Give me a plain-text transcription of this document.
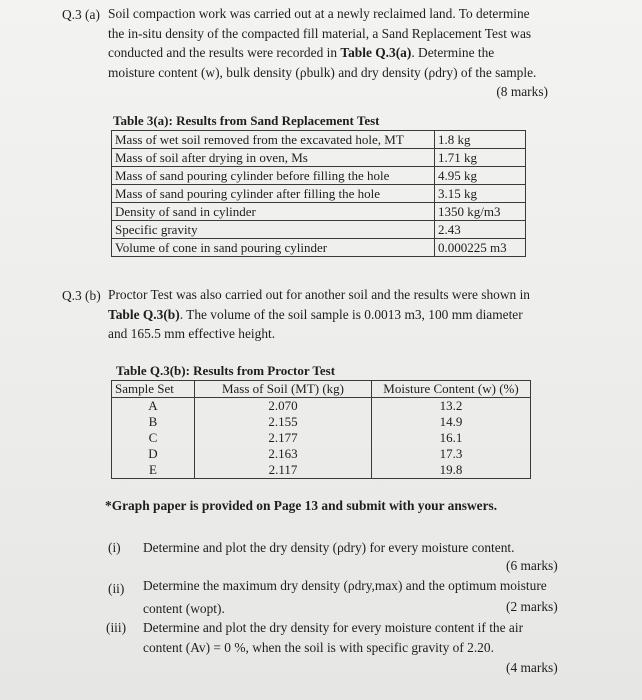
Q.3 (a) Soil compaction work was carried out at a newly reclaimed land. To determine
the in-situ density of the compacted fill material, a Sand Replacement Test was
conducted and the results were recorded in Table Q.3(a). Determine the
moisture content (w), bulk density (ρbulk) and dry density (ρdry) of the sample.
(8 marks)
Table 3(a): Results from Sand Replacement Test
Mass of wet soil removed from the excavated hole, MT	1.8 kg
Mass of soil after drying in oven, Ms	1.71 kg
Mass of sand pouring cylinder before filling the hole	4.95 kg
Mass of sand pouring cylinder after filling the hole	3.15 kg
Density of sand in cylinder	1350 kg/m3
Specific gravity	2.43
Volume of cone in sand pouring cylinder	0.000225 m3
Q.3 (b) Proctor Test was also carried out for another soil and the results were shown in
Table Q.3(b). The volume of the soil sample is 0.0013 m3, 100 mm diameter
and 165.5 mm effective height.
Table Q.3(b): Results from Proctor Test
Sample Set	Mass of Soil (MT) (kg)	Moisture Content (w) (%)
A	2.070	13.2
B	2.155	14.9
C	2.177	16.1
D	2.163	17.3
E	2.117	19.8
*Graph paper is provided on Page 13 and submit with your answers.
(i) Determine and plot the dry density (ρdry) for every moisture content.
(6 marks)
(ii) Determine the maximum dry density (ρdry,max) and the optimum moisture
content (wopt).	(2 marks)
(iii) Determine and plot the dry density for every moisture content if the air
content (Av) = 0 %, when the soil is with specific gravity of 2.20.
(4 marks)
